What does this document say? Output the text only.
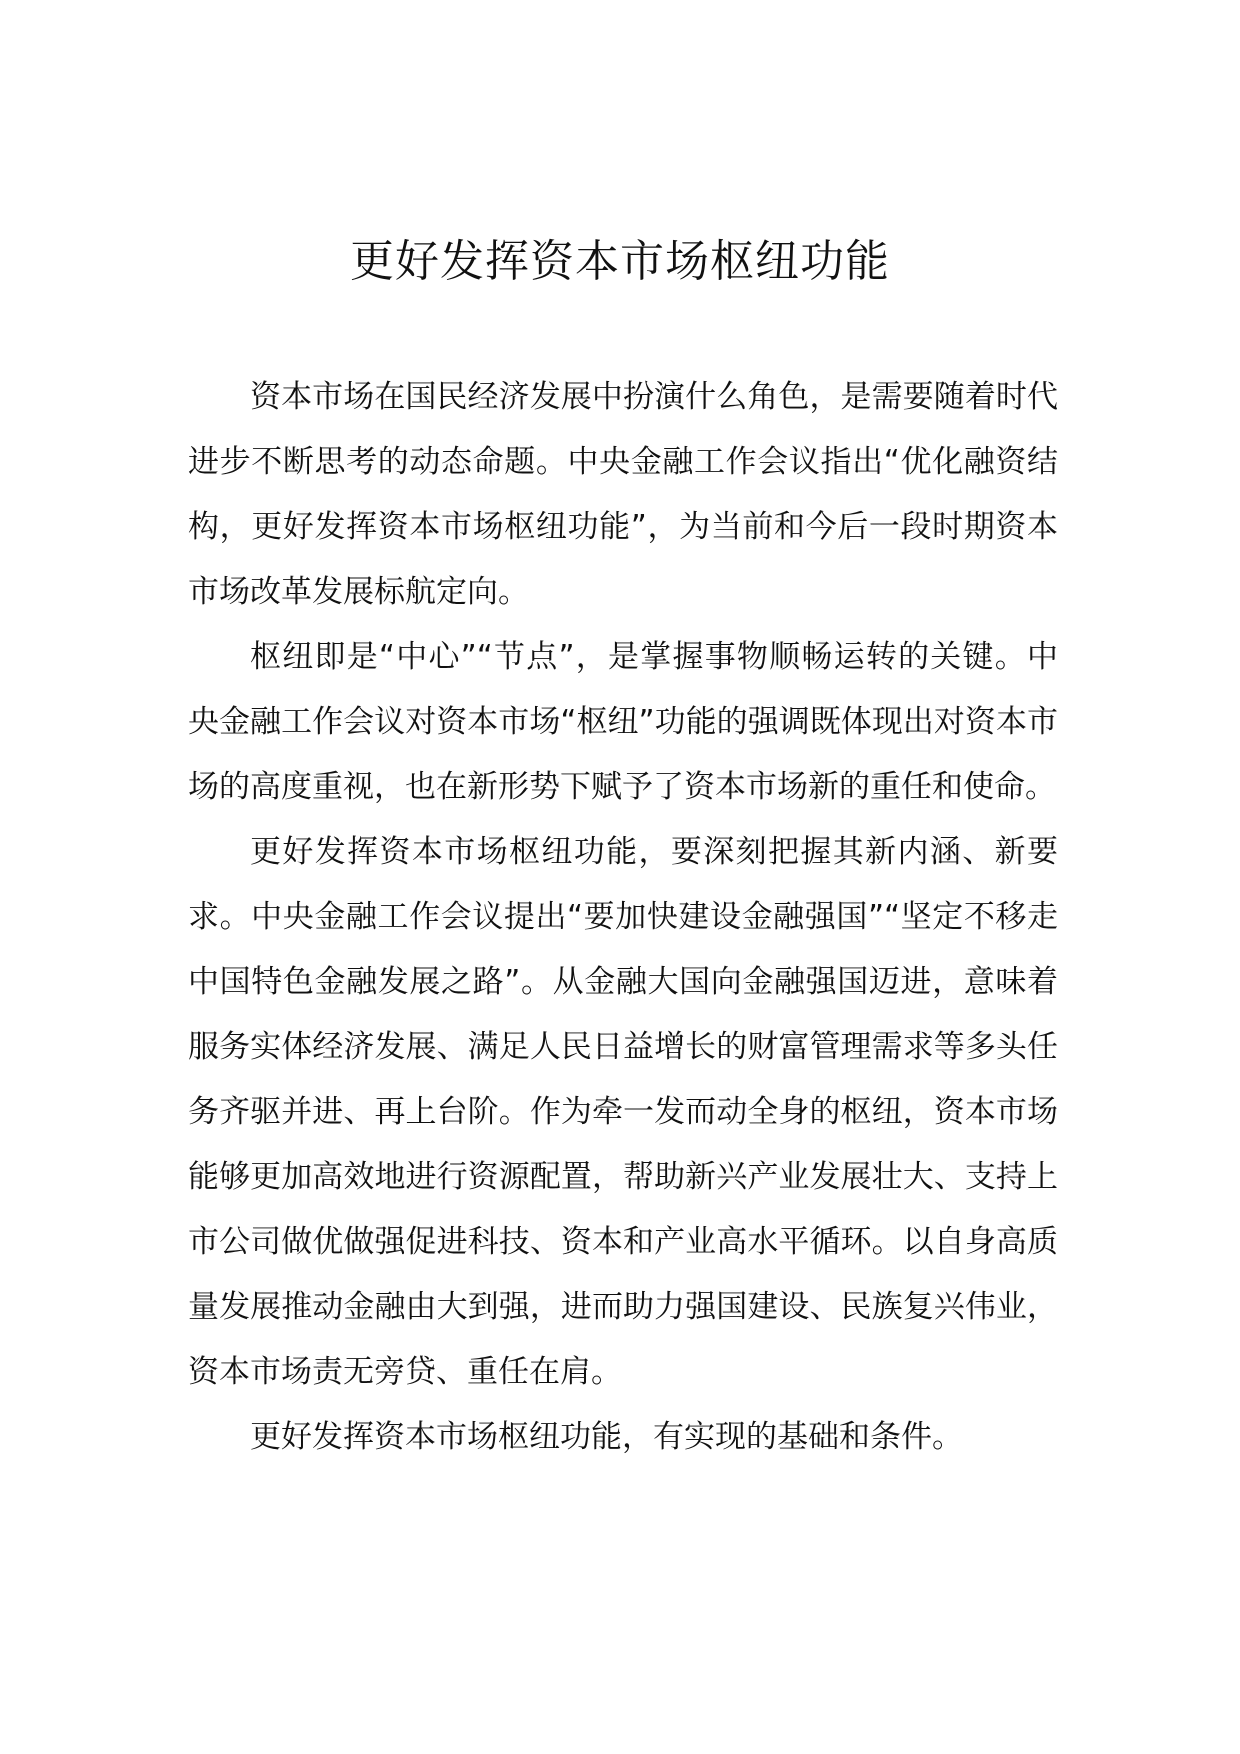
更好发挥资本市场枢纽功能

资本市场在国民经济发展中扮演什么角色，是需要随着时代进步不断思考的动态命题。中央金融工作会议指出“优化融资结构，更好发挥资本市场枢纽功能”，为当前和今后一段时期资本市场改革发展标航定向。

枢纽即是“中心”“节点”，是掌握事物顺畅运转的关键。中央金融工作会议对资本市场“枢纽”功能的强调既体现出对资本市场的高度重视，也在新形势下赋予了资本市场新的重任和使命。

更好发挥资本市场枢纽功能，要深刻把握其新内涵、新要求。中央金融工作会议提出“要加快建设金融强国”“坚定不移走中国特色金融发展之路”。从金融大国向金融强国迈进，意味着服务实体经济发展、满足人民日益增长的财富管理需求等多头任务齐驱并进、再上台阶。作为牵一发而动全身的枢纽，资本市场能够更加高效地进行资源配置，帮助新兴产业发展壮大、支持上市公司做优做强促进科技、资本和产业高水平循环。以自身高质量发展推动金融由大到强，进而助力强国建设、民族复兴伟业，资本市场责无旁贷、重任在肩。

更好发挥资本市场枢纽功能，有实现的基础和条件。
